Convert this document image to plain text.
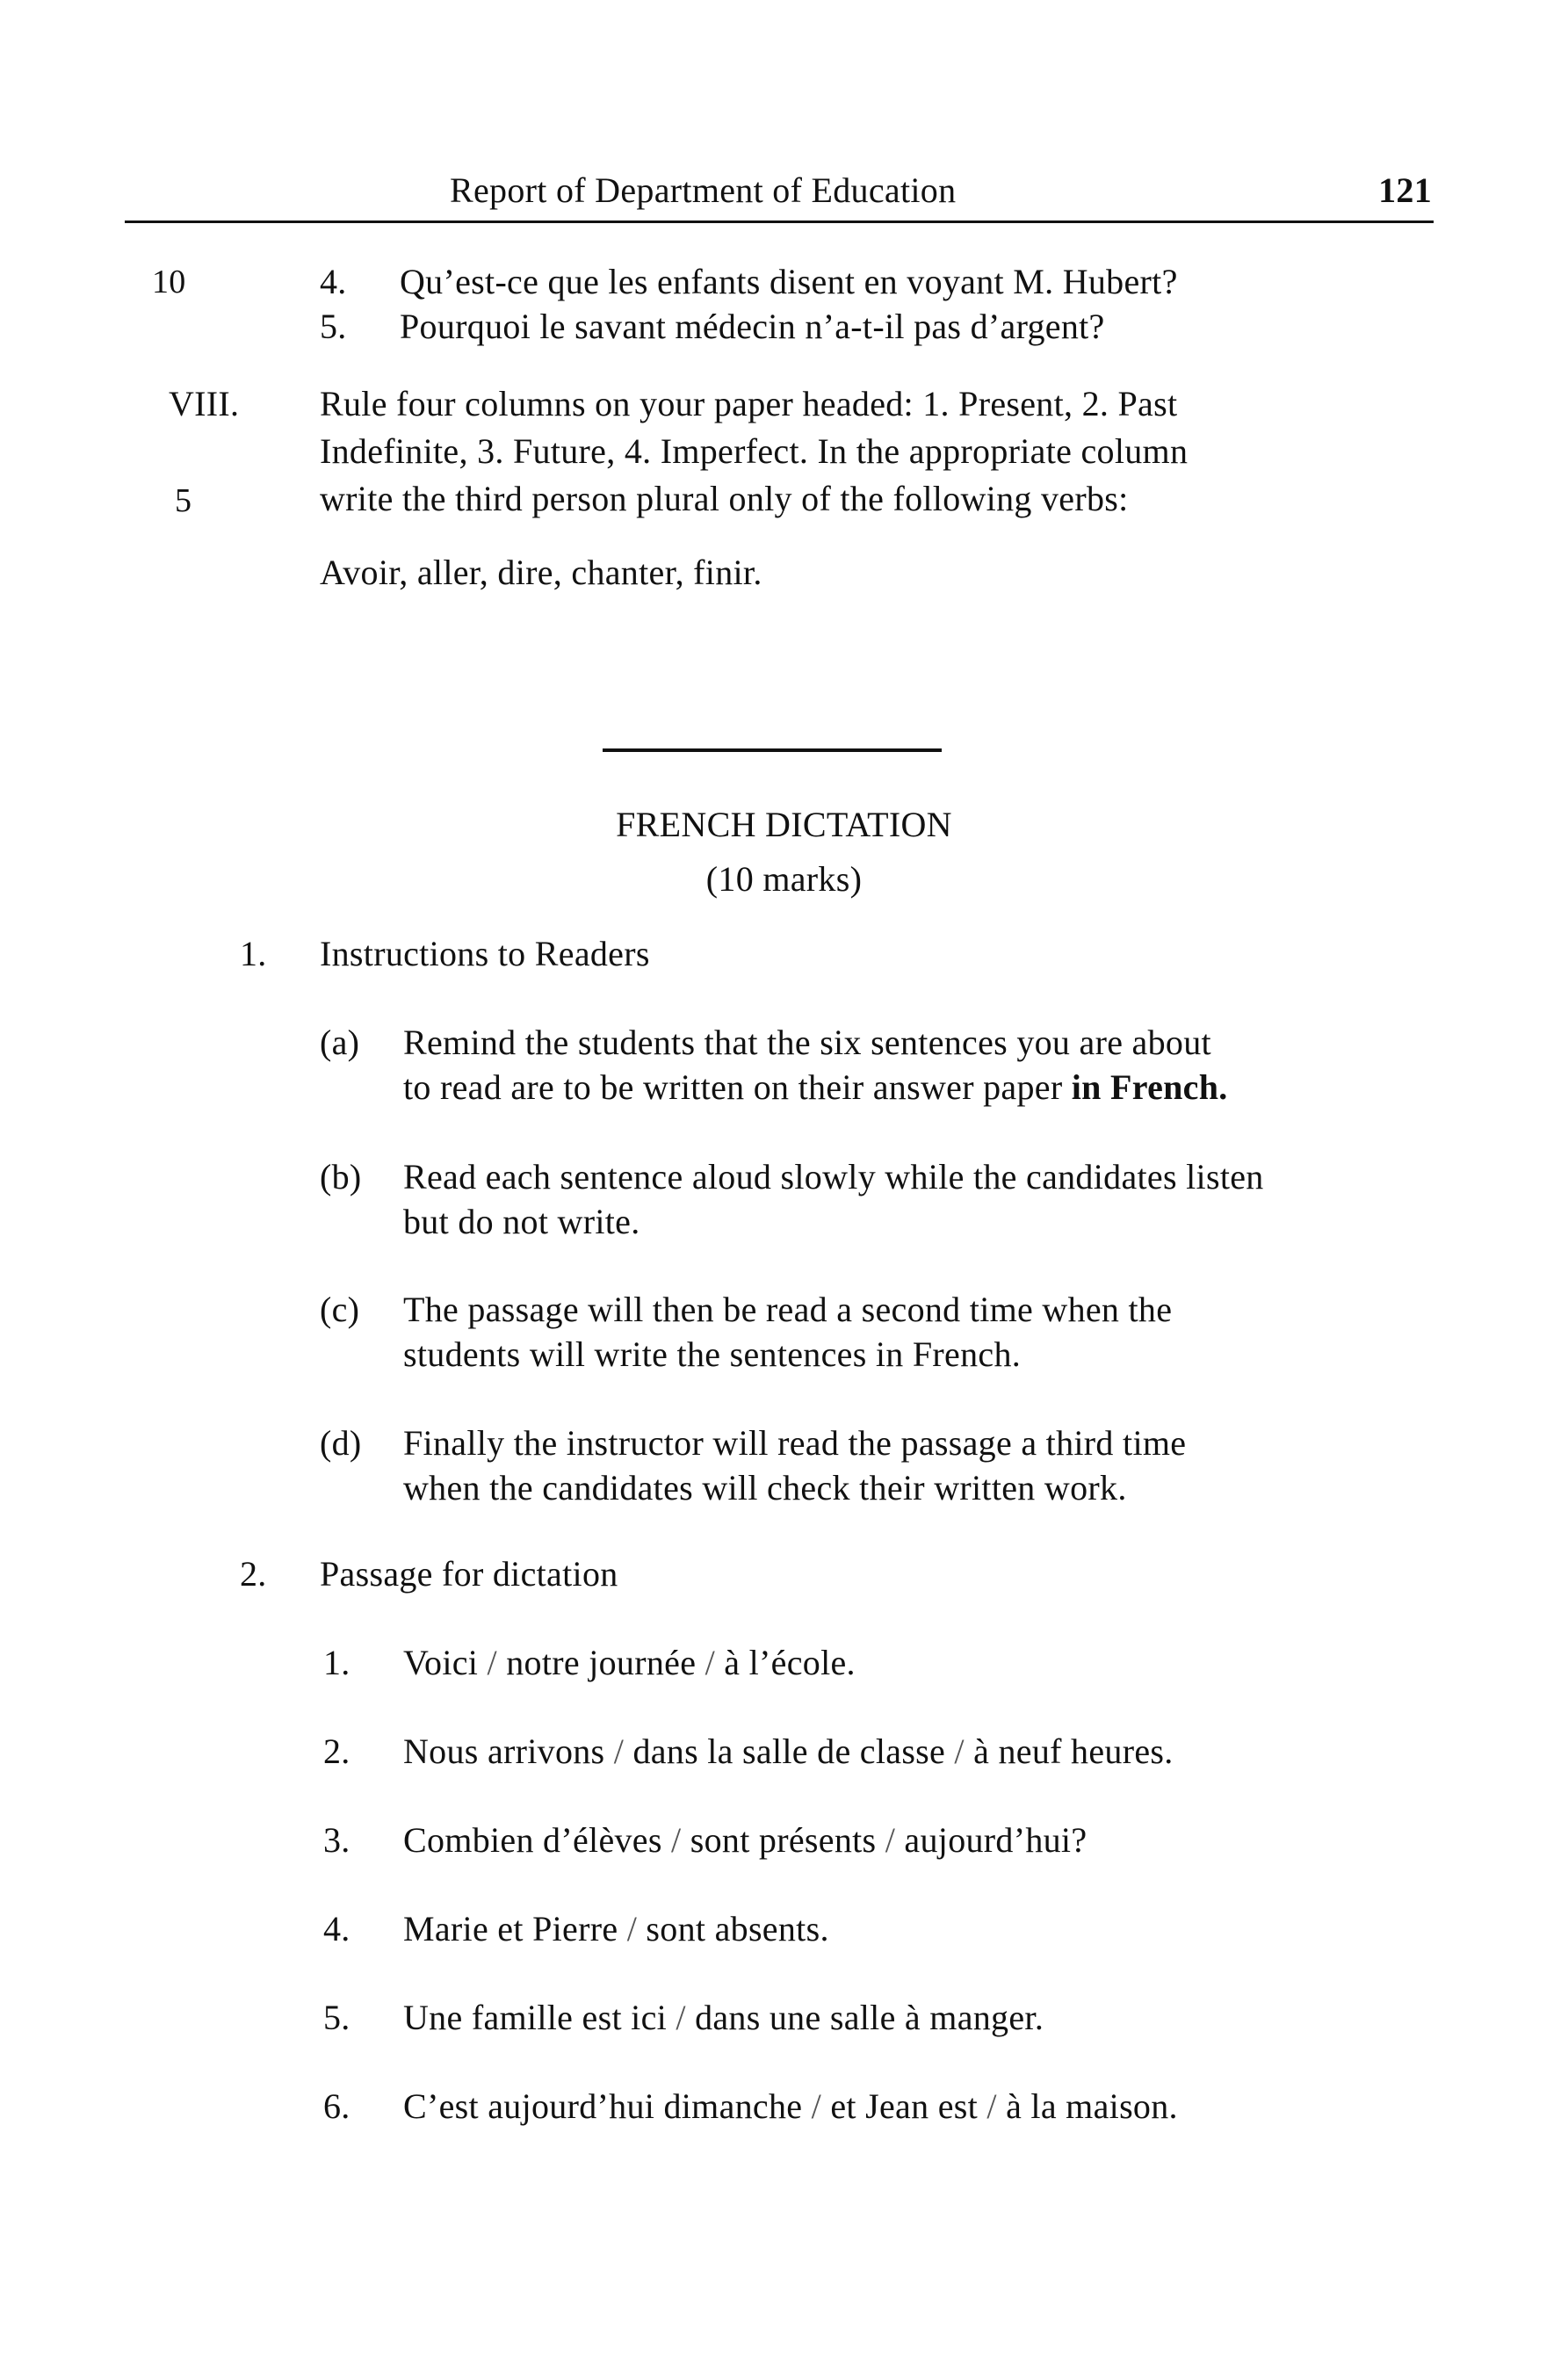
Report of Department of Education	121
10
5
4. Qu’est-ce que les enfants disent en voyant M. Hubert?
5. Pourquoi le savant médecin n’a-t-il pas d’argent?
VIII. Rule four columns on your paper headed: 1. Present, 2. Past
Indefinite, 3. Future, 4. Imperfect. In the appropriate column
write the third person plural only of the following verbs:
Avoir, aller, dire, chanter, finir.
FRENCH DICTATION
(10 marks)
1. Instructions to Readers
(a) Remind the students that the six sentences you are about
to read are to be written on their answer paper in French.
(b) Read each sentence aloud slowly while the candidates listen
but do not write.
(c) The passage will then be read a second time when the
students will write the sentences in French.
(d) Finally the instructor will read the passage a third time
when the candidates will check their written work.
2. Passage for dictation
1. Voici / notre journée / à l’école.
2. Nous arrivons / dans la salle de classe / à neuf heures.
3. Combien d’élèves / sont présents / aujourd’hui?
4. Marie et Pierre / sont absents.
5. Une famille est ici / dans une salle à manger.
6. C’est aujourd’hui dimanche / et Jean est / à la maison.
